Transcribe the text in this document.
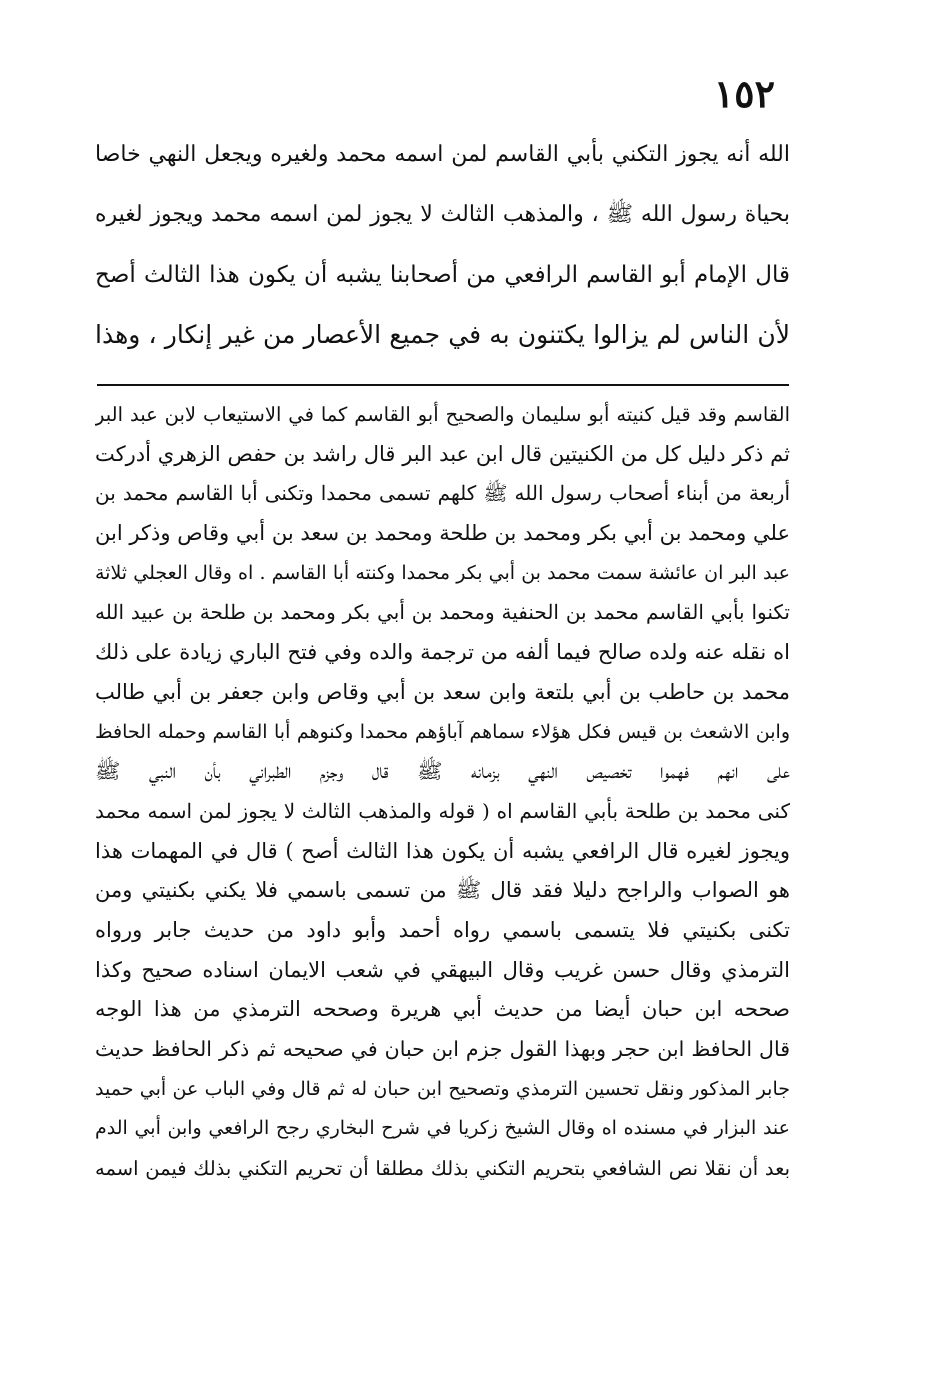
١٥٢
الله أنه يجوز التكني بأبي القاسم لمن اسمه محمد ولغيره ويجعل النهي خاصا
بحياة رسول الله ﷺ ، والمذهب الثالث لا يجوز لمن اسمه محمد ويجوز لغيره
قال الإمام أبو القاسم الرافعي من أصحابنا يشبه أن يكون هذا الثالث أصح
لأن الناس لم يزالوا يكتنون به في جميع الأعصار من غير إنكار ، وهذا
القاسم وقد قيل كنيته أبو سليمان والصحيح أبو القاسم كما في الاستيعاب لابن عبد البر
ثم ذكر دليل كل من الكنيتين قال ابن عبد البر قال راشد بن حفص الزهري أدركت
أربعة من أبناء أصحاب رسول الله ﷺ كلهم تسمى محمدا وتكنى أبا القاسم محمد بن
علي ومحمد بن أبي بكر ومحمد بن طلحة ومحمد بن سعد بن أبي وقاص وذكر ابن
عبد البر ان عائشة سمت محمد بن أبي بكر محمدا وكنته أبا القاسم . اه وقال العجلي ثلاثة
تكنوا بأبي القاسم محمد بن الحنفية ومحمد بن أبي بكر ومحمد بن طلحة بن عبيد الله
اه نقله عنه ولده صالح فيما ألفه من ترجمة والده وفي فتح الباري زيادة على ذلك
محمد بن حاطب بن أبي بلتعة وابن سعد بن أبي وقاص وابن جعفر بن أبي طالب
وابن الاشعث بن قيس فكل هؤلاء سماهم آباؤهم محمدا وكنوهم أبا القاسم وحمله الحافظ
على انهم فهموا تخصيص النهي بزمانه ﷺ قال وجزم الطبراني بأن النبي ﷺ
كنى محمد بن طلحة بأبي القاسم اه ( قوله والمذهب الثالث لا يجوز لمن اسمه محمد
ويجوز لغيره قال الرافعي يشبه أن يكون هذا الثالث أصح ) قال في المهمات هذا
هو الصواب والراجح دليلا فقد قال ﷺ من تسمى باسمي فلا يكني بكنيتي ومن
تكنى بكنيتي فلا يتسمى باسمي رواه أحمد وأبو داود من حديث جابر ورواه
الترمذي وقال حسن غريب وقال البيهقي في شعب الايمان اسناده صحيح وكذا
صححه ابن حبان أيضا من حديث أبي هريرة وصححه الترمذي من هذا الوجه
قال الحافظ ابن حجر وبهذا القول جزم ابن حبان في صحيحه ثم ذكر الحافظ حديث
جابر المذكور ونقل تحسين الترمذي وتصحيح ابن حبان له ثم قال وفي الباب عن أبي حميد
عند البزار في مسنده اه وقال الشيخ زكريا في شرح البخاري رجح الرافعي وابن أبي الدم
بعد أن نقلا نص الشافعي بتحريم التكني بذلك مطلقا أن تحريم التكني بذلك فيمن اسمه
